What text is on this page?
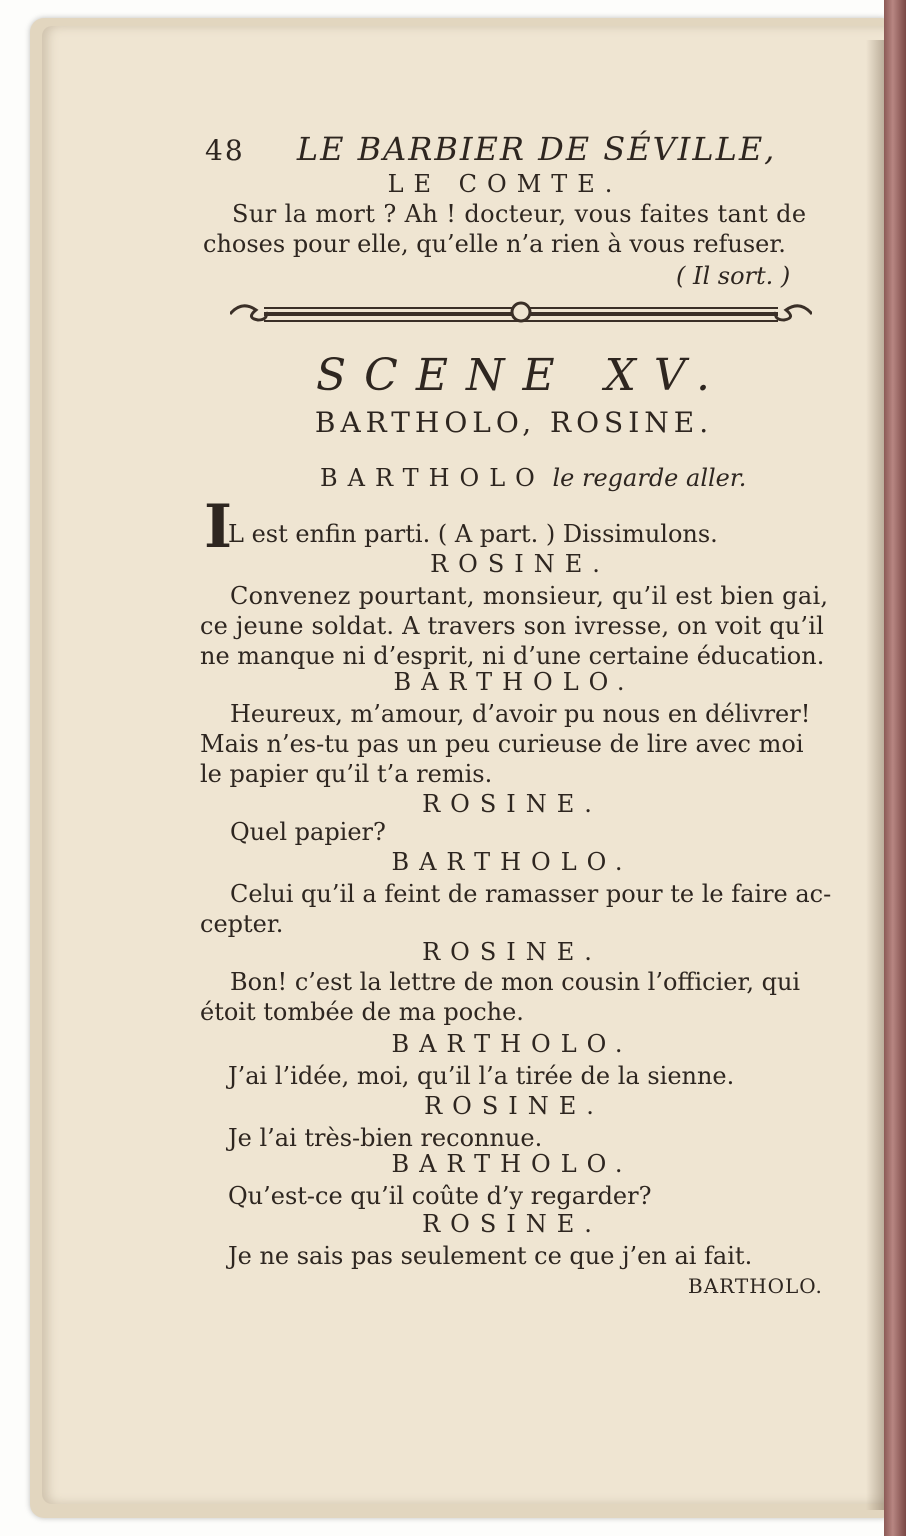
48 LE BARBIER DE SÉVILLE,
LE COMTE.
Sur la mort ? Ah ! docteur, vous faites tant de
choses pour elle, qu’elle n’a rien à vous refuser.
( Il sort. )
SCENE XV.
BARTHOLO, ROSINE.
BARTHOLO le regarde aller.
I
L est enfin parti. ( A part. ) Dissimulons.
ROSINE.
Convenez pourtant, monsieur, qu’il est bien gai,
ce jeune soldat. A travers son ivresse, on voit qu’il
ne manque ni d’esprit, ni d’une certaine éducation.
BARTHOLO.
Heureux, m’amour, d’avoir pu nous en délivrer!
Mais n’es-tu pas un peu curieuse de lire avec moi
le papier qu’il t’a remis.
ROSINE.
Quel papier?
BARTHOLO.
Celui qu’il a feint de ramasser pour te le faire ac-
cepter.
ROSINE.
Bon! c’est la lettre de mon cousin l’officier, qui
étoit tombée de ma poche.
BARTHOLO.
J’ai l’idée, moi, qu’il l’a tirée de la sienne.
ROSINE.
Je l’ai très-bien reconnue.
BARTHOLO.
Qu’est-ce qu’il coûte d’y regarder?
ROSINE.
Je ne sais pas seulement ce que j’en ai fait.
BARTHOLO.
